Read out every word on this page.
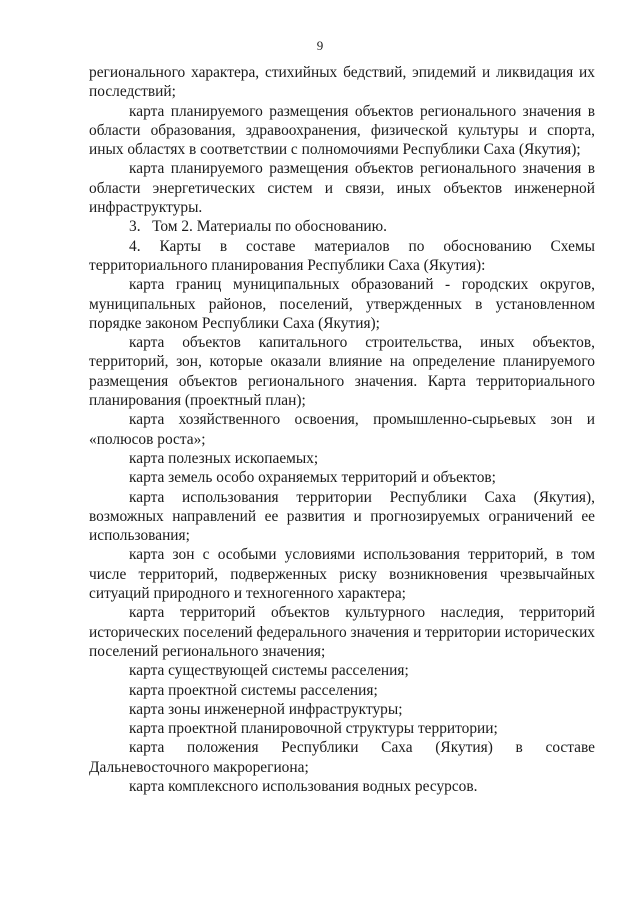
9

регионального характера, стихийных бедствий, эпидемий и ликвидация их последствий;

карта планируемого размещения объектов регионального значения в области образования, здравоохранения, физической культуры и спорта, иных областях в соответствии с полномочиями Республики Саха (Якутия);

карта планируемого размещения объектов регионального значения в области энергетических систем и связи, иных объектов инженерной инфраструктуры.

3.   Том 2. Материалы по обоснованию.

4. Карты в составе материалов по обоснованию Схемы территориального планирования Республики Саха (Якутия):

карта границ муниципальных образований - городских округов, муниципальных районов, поселений, утвержденных в установленном порядке законом Республики Саха (Якутия);

карта объектов капитального строительства, иных объектов, территорий, зон, которые оказали влияние на определение планируемого размещения объектов регионального значения. Карта территориального планирования (проектный план);

карта хозяйственного освоения, промышленно-сырьевых зон и «полюсов роста»;

карта полезных ископаемых;

карта земель особо охраняемых территорий и объектов;

карта использования территории Республики Саха (Якутия), возможных направлений ее развития и прогнозируемых ограничений ее использования;

карта зон с особыми условиями использования территорий, в том числе территорий, подверженных риску возникновения чрезвычайных ситуаций природного и техногенного характера;

карта территорий объектов культурного наследия, территорий исторических поселений федерального значения и территории исторических поселений регионального значения;

карта существующей системы расселения;

карта проектной системы расселения;

карта зоны инженерной инфраструктуры;

карта проектной планировочной структуры территории;

карта положения Республики Саха (Якутия) в составе Дальневосточного макрорегиона;

карта комплексного использования водных ресурсов.
